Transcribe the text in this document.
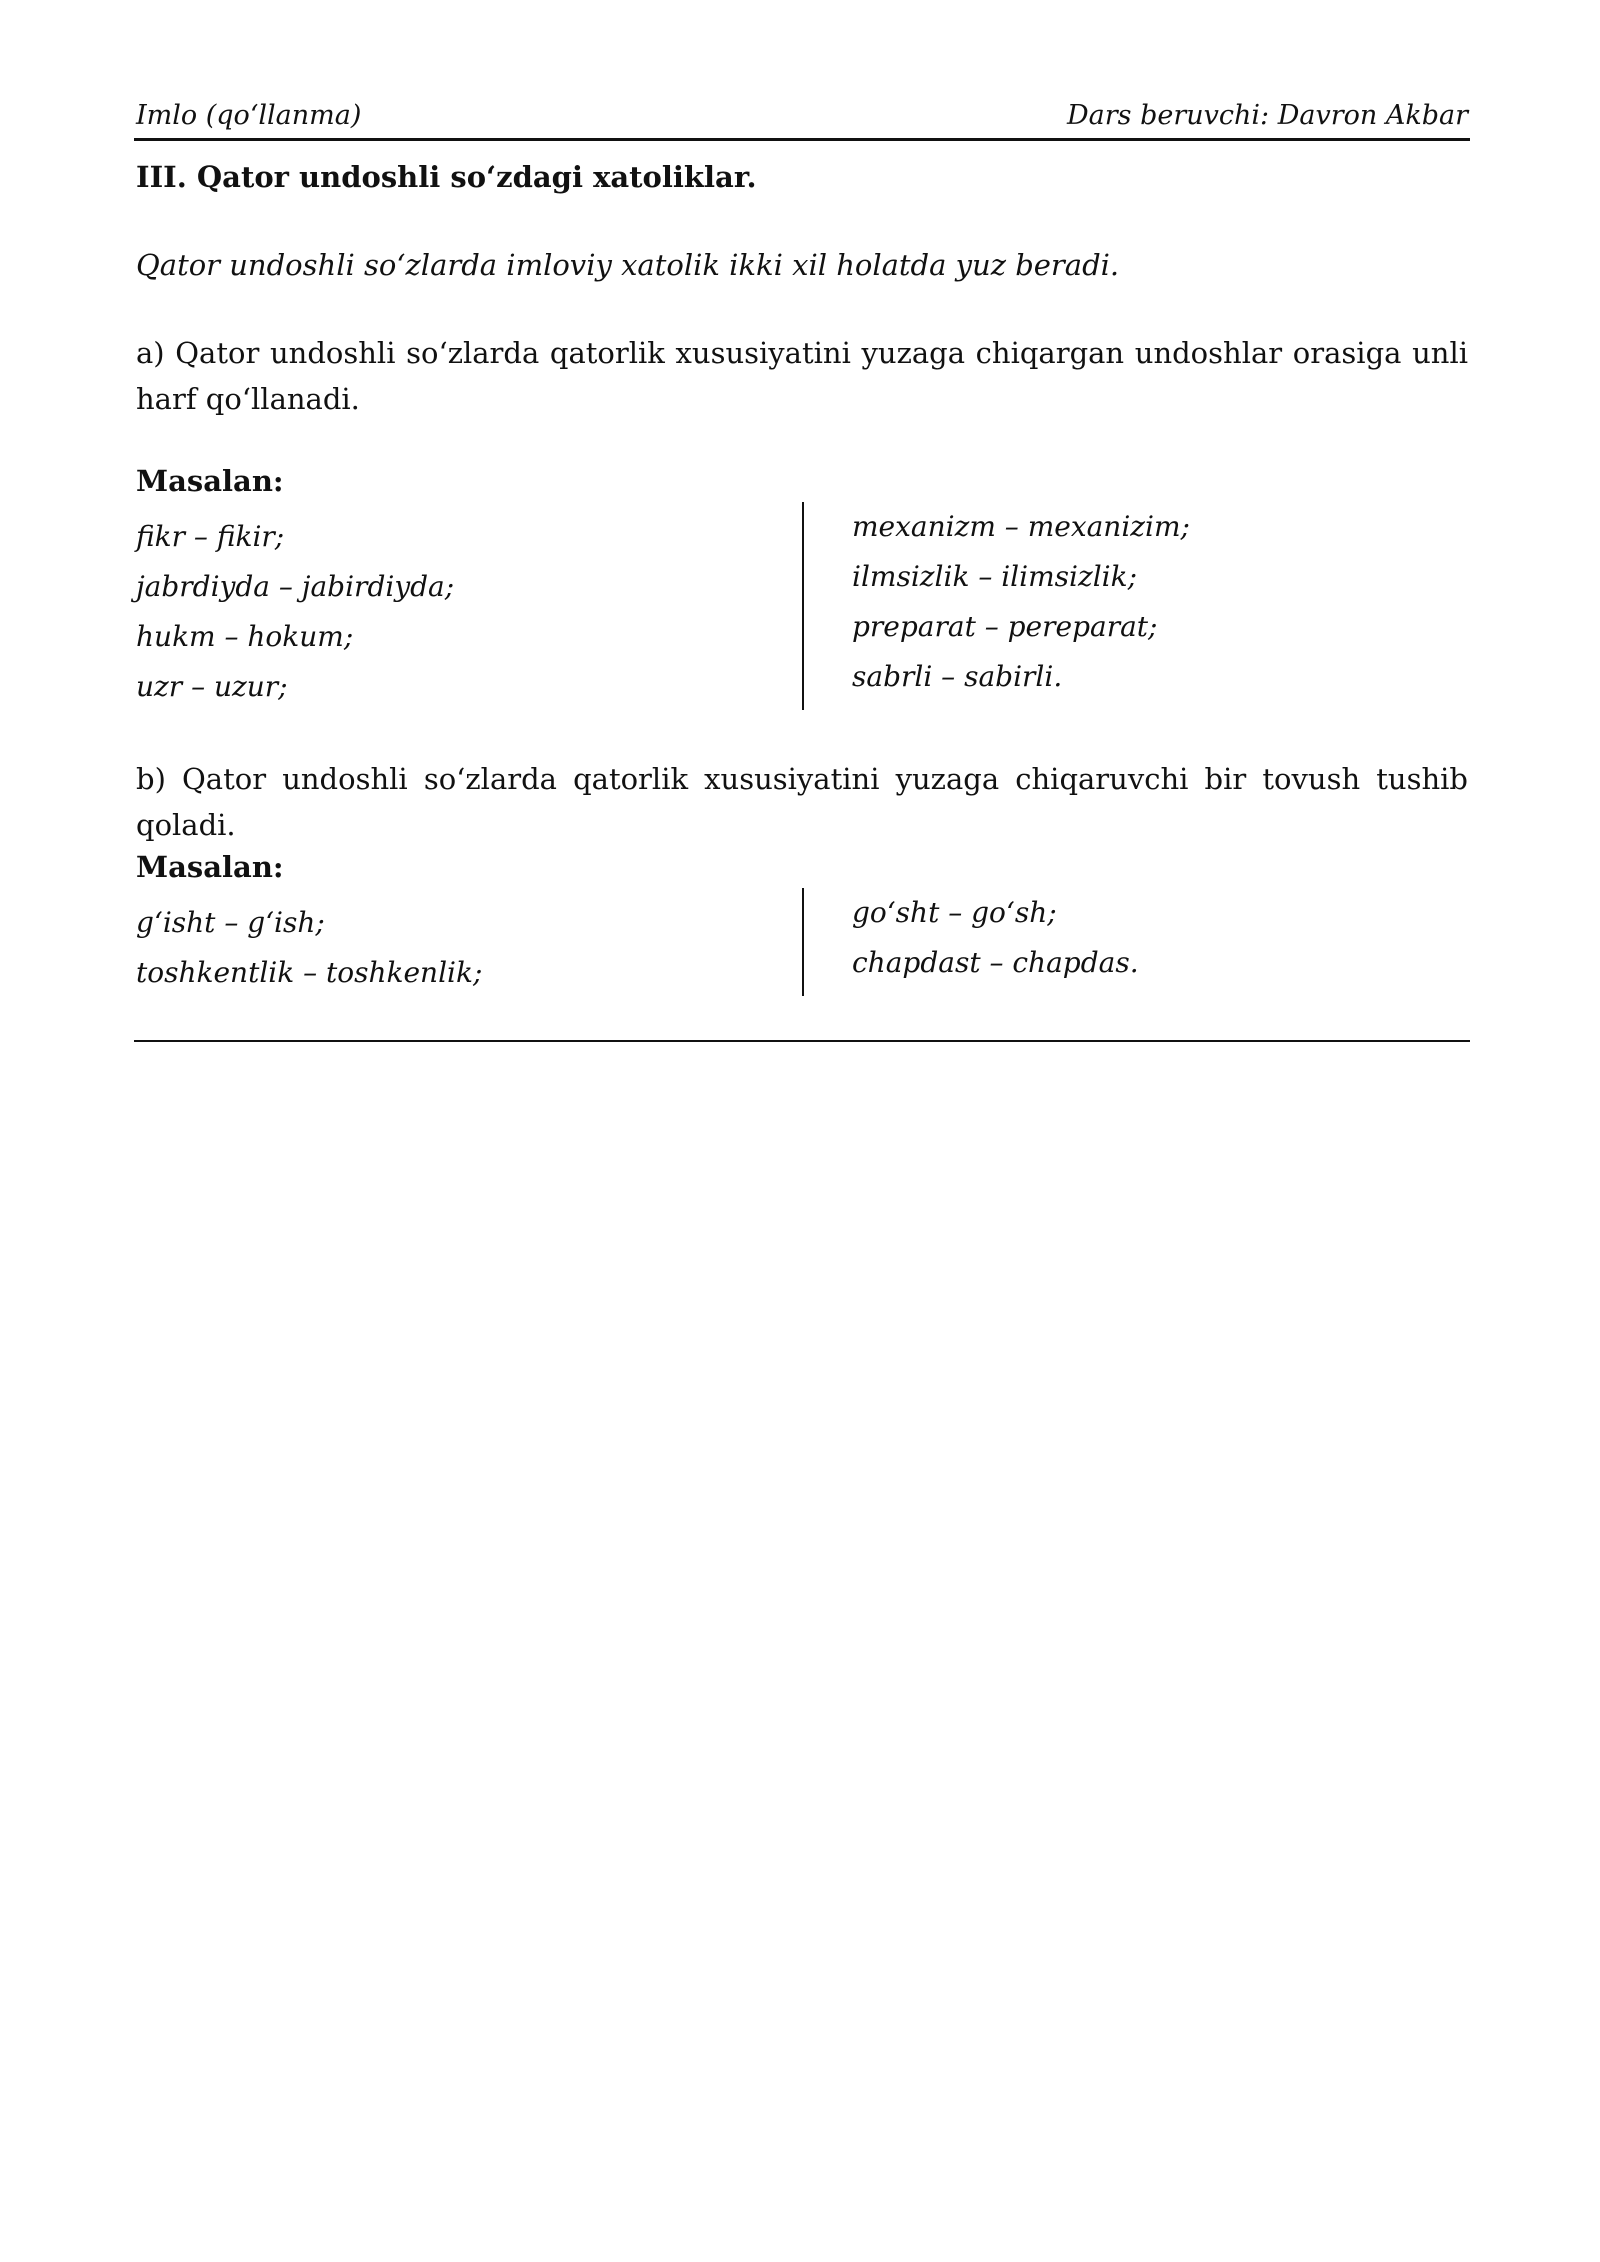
Imlo (qo‘llanma)	Dars beruvchi: Davron Akbar
III. Qator undoshli so‘zdagi xatoliklar.

Qator undoshli so‘zlarda imloviy xatolik ikki xil holatda yuz beradi.

a) Qator undoshli so‘zlarda qatorlik xususiyatini yuzaga chiqargan undoshlar orasiga unli harf qo‘llanadi.

Masalan:

fikr – fikir;
jabrdiyda – jabirdiyda;
hukm – hokum;
uzr – uzur;
mexanizm – mexanizim;
ilmsizlik – ilimsizlik;
preparat – pereparat;
sabrli – sabirli.

b) Qator undoshli so‘zlarda qatorlik xususiyatini yuzaga chiqaruvchi bir tovush tushib qoladi.

Masalan:

g‘isht – g‘ish;
toshkentlik – toshkenlik;
go‘sht – go‘sh;
chapdast – chapdas.
